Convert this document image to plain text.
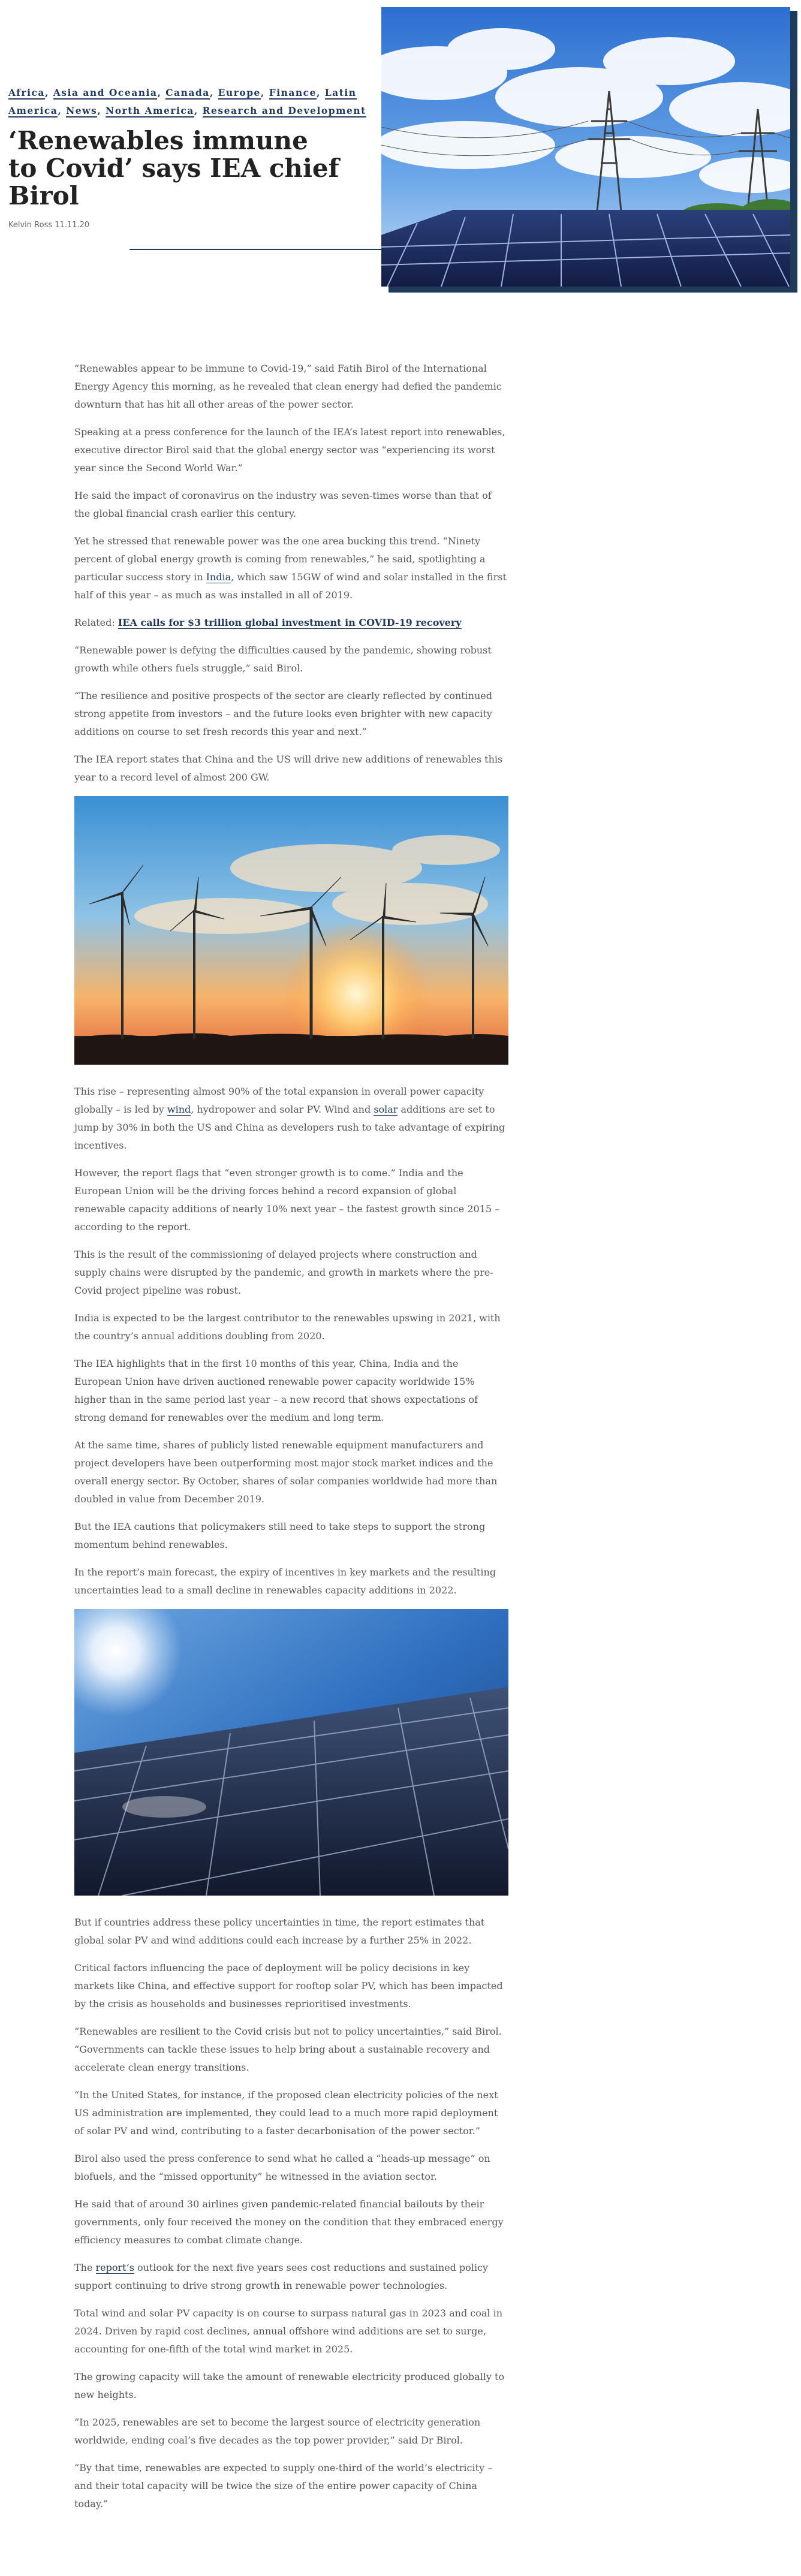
Africa, Asia and Oceania, Canada, Europe, Finance, Latin America, News, North America, Research and Development
‘Renewables immune to Covid’ says IEA chief Birol
Kelvin Ross 11.11.20

“Renewables appear to be immune to Covid-19,” said Fatih Birol of the International Energy Agency this morning, as he revealed that clean energy had defied the pandemic downturn that has hit all other areas of the power sector.

Speaking at a press conference for the launch of the IEA’s latest report into renewables, executive director Birol said that the global energy sector was “experiencing its worst year since the Second World War.”

He said the impact of coronavirus on the industry was seven-times worse than that of the global financial crash earlier this century.

Yet he stressed that renewable power was the one area bucking this trend. “Ninety percent of global energy growth is coming from renewables,” he said, spotlighting a particular success story in India, which saw 15GW of wind and solar installed in the first half of this year – as much as was installed in all of 2019.

Related: IEA calls for $3 trillion global investment in COVID-19 recovery

“Renewable power is defying the difficulties caused by the pandemic, showing robust growth while others fuels struggle,” said Birol.

“The resilience and positive prospects of the sector are clearly reflected by continued strong appetite from investors – and the future looks even brighter with new capacity additions on course to set fresh records this year and next.”

The IEA report states that China and the US will drive new additions of renewables this year to a record level of almost 200 GW.

This rise – representing almost 90% of the total expansion in overall power capacity globally – is led by wind, hydropower and solar PV. Wind and solar additions are set to jump by 30% in both the US and China as developers rush to take advantage of expiring incentives.

However, the report flags that “even stronger growth is to come.” India and the European Union will be the driving forces behind a record expansion of global renewable capacity additions of nearly 10% next year – the fastest growth since 2015 – according to the report.

This is the result of the commissioning of delayed projects where construction and supply chains were disrupted by the pandemic, and growth in markets where the pre-Covid project pipeline was robust.

India is expected to be the largest contributor to the renewables upswing in 2021, with the country’s annual additions doubling from 2020.

The IEA highlights that in the first 10 months of this year, China, India and the European Union have driven auctioned renewable power capacity worldwide 15% higher than in the same period last year – a new record that shows expectations of strong demand for renewables over the medium and long term.

At the same time, shares of publicly listed renewable equipment manufacturers and project developers have been outperforming most major stock market indices and the overall energy sector. By October, shares of solar companies worldwide had more than doubled in value from December 2019.

But the IEA cautions that policymakers still need to take steps to support the strong momentum behind renewables.

In the report’s main forecast, the expiry of incentives in key markets and the resulting uncertainties lead to a small decline in renewables capacity additions in 2022.

But if countries address these policy uncertainties in time, the report estimates that global solar PV and wind additions could each increase by a further 25% in 2022.

Critical factors influencing the pace of deployment will be policy decisions in key markets like China, and effective support for rooftop solar PV, which has been impacted by the crisis as households and businesses reprioritised investments.

“Renewables are resilient to the Covid crisis but not to policy uncertainties,” said Birol. “Governments can tackle these issues to help bring about a sustainable recovery and accelerate clean energy transitions.

“In the United States, for instance, if the proposed clean electricity policies of the next US administration are implemented, they could lead to a much more rapid deployment of solar PV and wind, contributing to a faster decarbonisation of the power sector.”

Birol also used the press conference to send what he called a “heads-up message” on biofuels, and the “missed opportunity” he witnessed in the aviation sector.

He said that of around 30 airlines given pandemic-related financial bailouts by their governments, only four received the money on the condition that they embraced energy efficiency measures to combat climate change.

The report’s outlook for the next five years sees cost reductions and sustained policy support continuing to drive strong growth in renewable power technologies.

Total wind and solar PV capacity is on course to surpass natural gas in 2023 and coal in 2024. Driven by rapid cost declines, annual offshore wind additions are set to surge, accounting for one-fifth of the total wind market in 2025.

The growing capacity will take the amount of renewable electricity produced globally to new heights.

“In 2025, renewables are set to become the largest source of electricity generation worldwide, ending coal’s five decades as the top power provider,” said Dr Birol.

“By that time, renewables are expected to supply one-third of the world’s electricity – and their total capacity will be twice the size of the entire power capacity of China today.”
